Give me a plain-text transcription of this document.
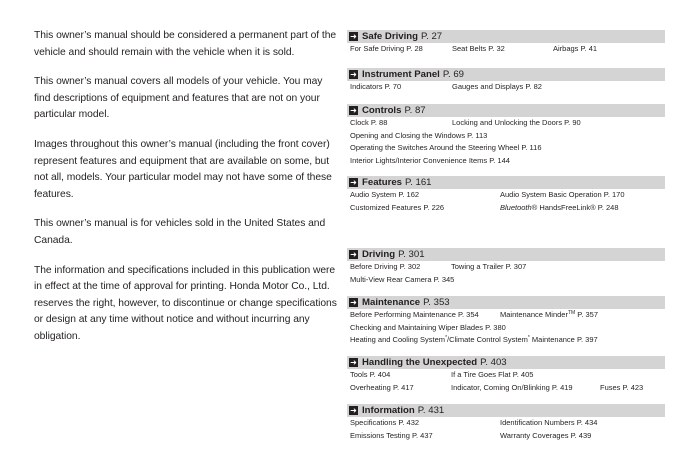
This owner’s manual should be considered a permanent part of the vehicle and should remain with the vehicle when it is sold.

This owner’s manual covers all models of your vehicle. You may find descriptions of equipment and features that are not on your particular model.

Images throughout this owner’s manual (including the front cover) represent features and equipment that are available on some, but not all, models. Your particular model may not have some of these features.

This owner’s manual is for vehicles sold in the United States and Canada.

The information and specifications included in this publication were in effect at the time of approval for printing. Honda Motor Co., Ltd. reserves the right, however, to discontinue or change specifications or design at any time without notice and without incurring any obligation.

➜ Safe Driving P. 27
For Safe Driving P. 28	Seat Belts P. 32	Airbags P. 41
➜ Instrument Panel P. 69
Indicators P. 70	Gauges and Displays P. 82
➜ Controls P. 87
Clock P. 88	Locking and Unlocking the Doors P. 90
Opening and Closing the Windows P. 113
Operating the Switches Around the Steering Wheel P. 116
Interior Lights/Interior Convenience Items P. 144
➜ Features P. 161
Audio System P. 162	Audio System Basic Operation P. 170
Customized Features P. 226	Bluetooth® HandsFreeLink® P. 248
➜ Driving P. 301
Before Driving P. 302	Towing a Trailer P. 307
Multi-View Rear Camera P. 345
➜ Maintenance P. 353
Before Performing Maintenance P. 354	Maintenance Minder™ P. 357
Checking and Maintaining Wiper Blades P. 380
Heating and Cooling System*/Climate Control System* Maintenance P. 397
➜ Handling the Unexpected P. 403
Tools P. 404	If a Tire Goes Flat P. 405
Overheating P. 417	Indicator, Coming On/Blinking P. 419	Fuses P. 423
➜ Information P. 431
Specifications P. 432	Identification Numbers P. 434
Emissions Testing P. 437	Warranty Coverages P. 439
